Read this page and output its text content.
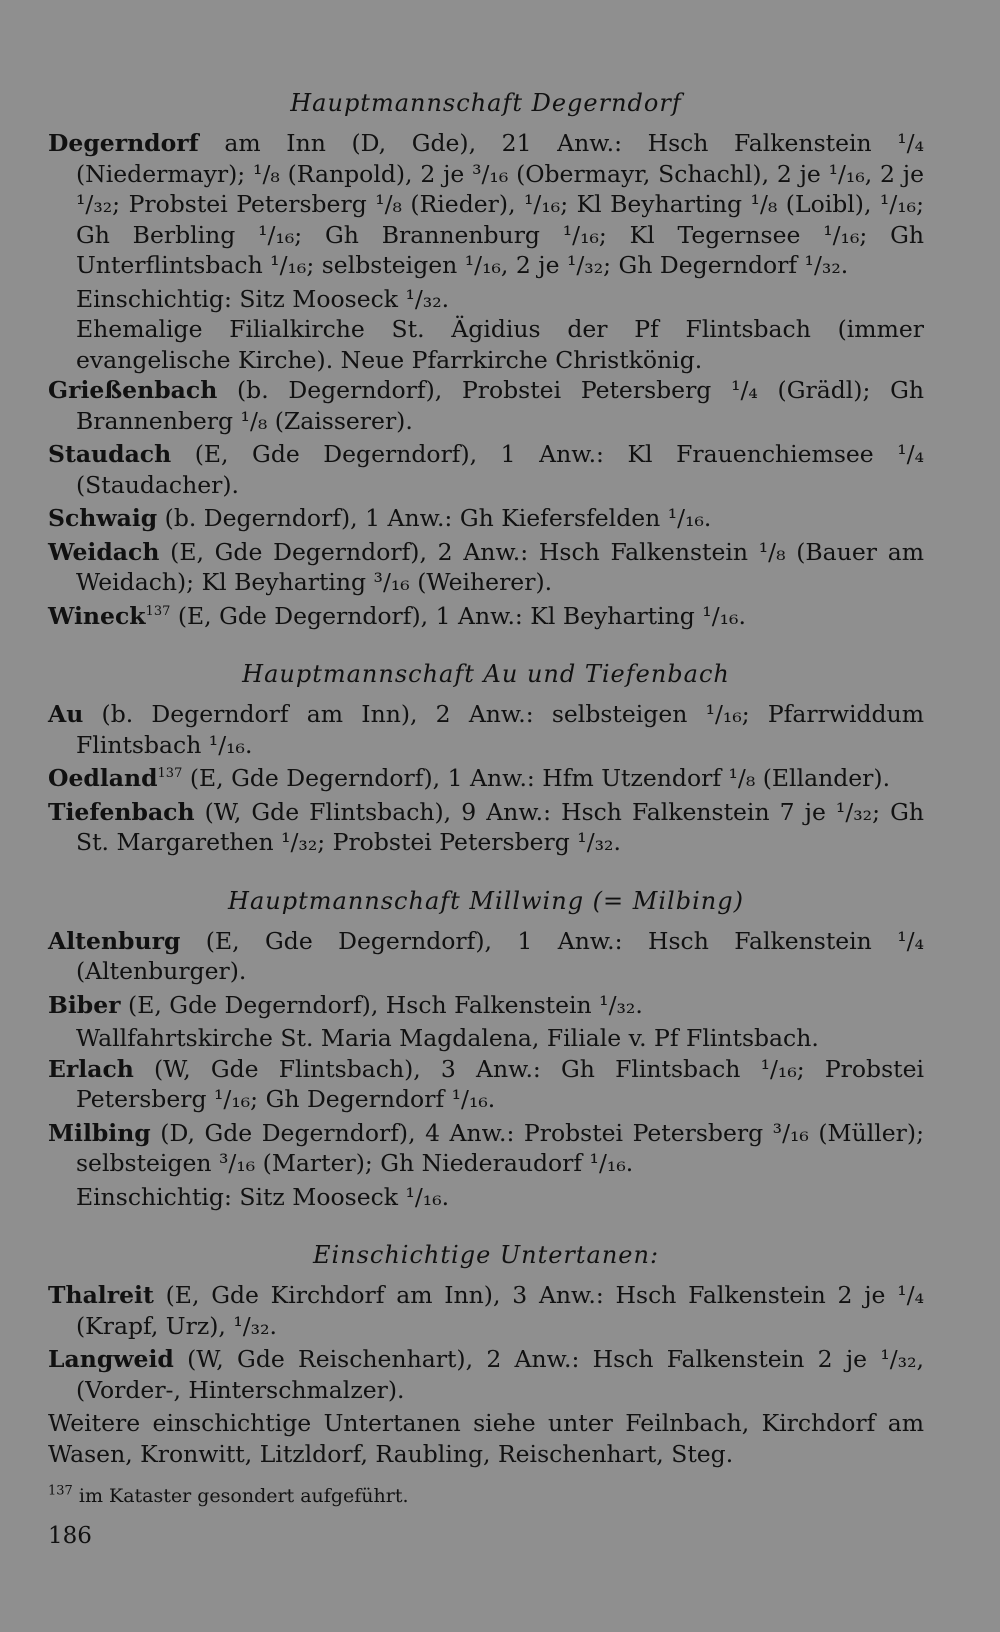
Hauptmannschaft Degerndorf

Degerndorf am Inn (D, Gde), 21 Anw.: Hsch Falkenstein ¹/₄ (Niedermayr); ¹/₈ (Ranpold), 2 je ³/₁₆ (Obermayr, Schachl), 2 je ¹/₁₆, 2 je ¹/₃₂; Probstei Petersberg ¹/₈ (Rieder), ¹/₁₆; Kl Beyharting ¹/₈ (Loibl), ¹/₁₆; Gh Berbling ¹/₁₆; Gh Brannenburg ¹/₁₆; Kl Tegernsee ¹/₁₆; Gh Unterflintsbach ¹/₁₆; selbsteigen ¹/₁₆, 2 je ¹/₃₂; Gh Degerndorf ¹/₃₂.

Einschichtig: Sitz Mooseck ¹/₃₂.

Ehemalige Filialkirche St. Ägidius der Pf Flintsbach (immer evangelische Kirche). Neue Pfarrkirche Christkönig.

Grießenbach (b. Degerndorf), Probstei Petersberg ¹/₄ (Grädl); Gh Brannenberg ¹/₈ (Zaisserer).

Staudach (E, Gde Degerndorf), 1 Anw.: Kl Frauenchiemsee ¹/₄ (Staudacher).

Schwaig (b. Degerndorf), 1 Anw.: Gh Kiefersfelden ¹/₁₆.

Weidach (E, Gde Degerndorf), 2 Anw.: Hsch Falkenstein ¹/₈ (Bauer am Weidach); Kl Beyharting ³/₁₆ (Weiherer).

Wineck$^{137}$ (E, Gde Degerndorf), 1 Anw.: Kl Beyharting ¹/₁₆.

Hauptmannschaft Au und Tiefenbach

Au (b. Degerndorf am Inn), 2 Anw.: selbsteigen ¹/₁₆; Pfarrwiddum Flintsbach ¹/₁₆.

Oedland$^{137}$ (E, Gde Degerndorf), 1 Anw.: Hfm Utzendorf ¹/₈ (Ellander).

Tiefenbach (W, Gde Flintsbach), 9 Anw.: Hsch Falkenstein 7 je ¹/₃₂; Gh St. Margarethen ¹/₃₂; Probstei Petersberg ¹/₃₂.

Hauptmannschaft Millwing (= Milbing)

Altenburg (E, Gde Degerndorf), 1 Anw.: Hsch Falkenstein ¹/₄ (Altenburger).

Biber (E, Gde Degerndorf), Hsch Falkenstein ¹/₃₂.

Wallfahrtskirche St. Maria Magdalena, Filiale v. Pf Flintsbach.

Erlach (W, Gde Flintsbach), 3 Anw.: Gh Flintsbach ¹/₁₆; Probstei Petersberg ¹/₁₆; Gh Degerndorf ¹/₁₆.

Milbing (D, Gde Degerndorf), 4 Anw.: Probstei Petersberg ³/₁₆ (Müller); selbsteigen ³/₁₆ (Marter); Gh Niederaudorf ¹/₁₆.

Einschichtig: Sitz Mooseck ¹/₁₆.

Einschichtige Untertanen:

Thalreit (E, Gde Kirchdorf am Inn), 3 Anw.: Hsch Falkenstein 2 je ¹/₄ (Krapf, Urz), ¹/₃₂.

Langweid (W, Gde Reischenhart), 2 Anw.: Hsch Falkenstein 2 je ¹/₃₂, (Vorder-, Hinterschmalzer).

Weitere einschichtige Untertanen siehe unter Feilnbach, Kirchdorf am Wasen, Kronwitt, Litzldorf, Raubling, Reischenhart, Steg.

$^{137}$ im Kataster gesondert aufgeführt.
186
